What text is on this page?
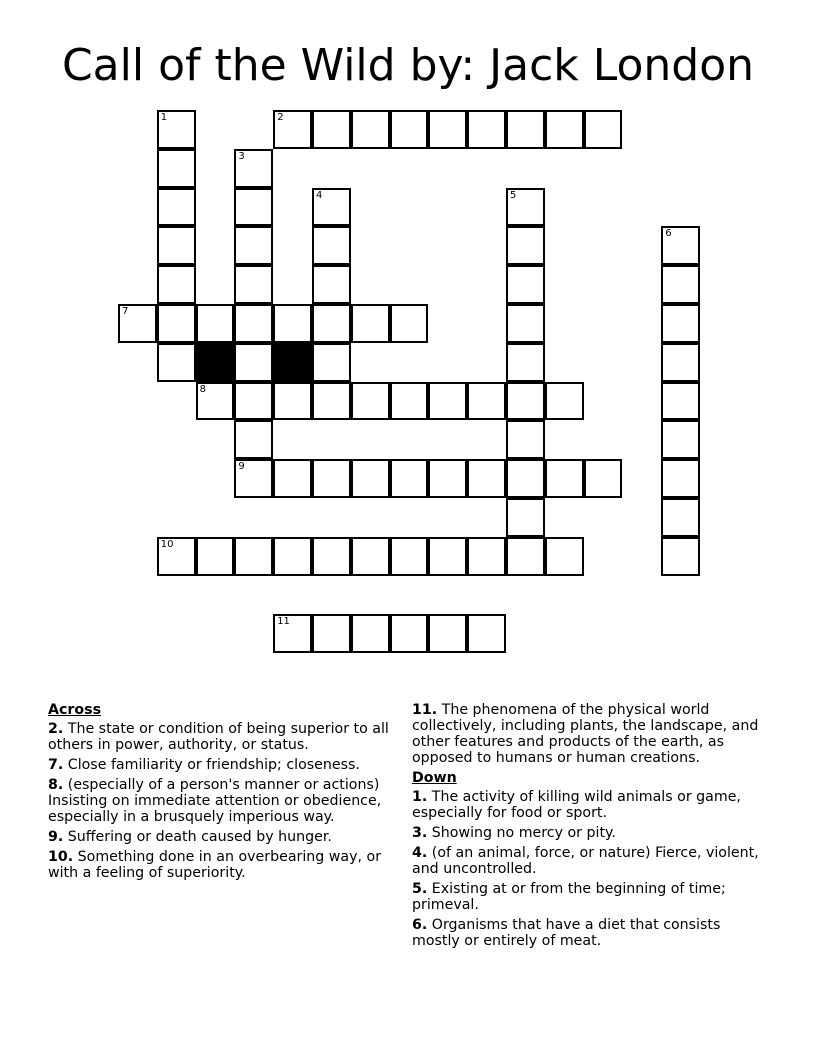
Call of the Wild by: Jack London
2
7
8
9
10
11
1
3
4	5
6
Across
2. The state or condition of being superior to all others in power, authority, or status.
7. Close familiarity or friendship; closeness.
8. (especially of a person's manner or actions) Insisting on immediate attention or obedience, especially in a brusquely imperious way.
9. Suffering or death caused by hunger.
10. Something done in an overbearing way, or with a feeling of superiority.
11. The phenomena of the physical world collectively, including plants, the landscape, and other features and products of the earth, as opposed to humans or human creations.
Down
1. The activity of killing wild animals or game, especially for food or sport.
3. Showing no mercy or pity.
4. (of an animal, force, or nature) Fierce, violent, and uncontrolled.
5. Existing at or from the beginning of time; primeval.
6. Organisms that have a diet that consists mostly or entirely of meat.
